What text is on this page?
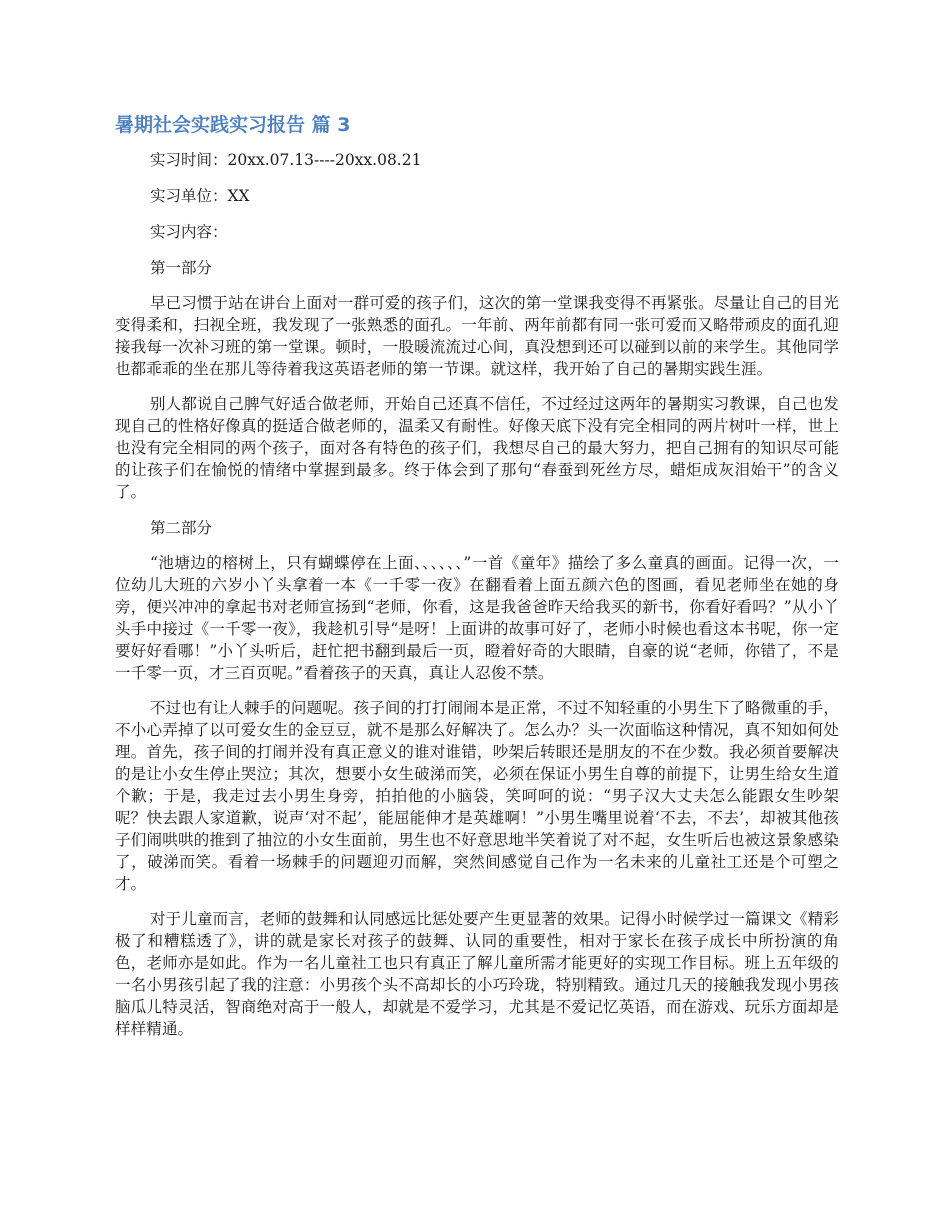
暑期社会实践实习报告 篇 3
实习时间：20xx.07.13----20xx.08.21
实习单位：XX
实习内容：
第一部分

早已习惯于站在讲台上面对一群可爱的孩子们，这次的第一堂课我变得不再紧张。尽量让自己的目光变得柔和，扫视全班，我发现了一张熟悉的面孔。一年前、两年前都有同一张可爱而又略带顽皮的面孔迎接我每一次补习班的第一堂课。顿时，一股暖流流过心间，真没想到还可以碰到以前的来学生。其他同学也都乖乖的坐在那儿等待着我这英语老师的第一节课。就这样，我开始了自己的暑期实践生涯。

别人都说自己脾气好适合做老师，开始自己还真不信任，不过经过这两年的暑期实习教课，自己也发现自己的性格好像真的挺适合做老师的，温柔又有耐性。好像天底下没有完全相同的两片树叶一样，世上也没有完全相同的两个孩子，面对各有特色的孩子们，我想尽自己的最大努力，把自己拥有的知识尽可能的让孩子们在愉悦的情绪中掌握到最多。终于体会到了那句“春蚕到死丝方尽，蜡炬成灰泪始干”的含义了。

第二部分

“池塘边的榕树上，只有蝴蝶停在上面、、、、、、”一首《童年》描绘了多么童真的画面。记得一次，一位幼儿大班的六岁小丫头拿着一本《一千零一夜》在翻看着上面五颜六色的图画，看见老师坐在她的身旁，便兴冲冲的拿起书对老师宣扬到“老师，你看，这是我爸爸昨天给我买的新书，你看好看吗？”从小丫头手中接过《一千零一夜》，我趁机引导“是呀！上面讲的故事可好了，老师小时候也看这本书呢，你一定要好好看哪！”小丫头听后，赶忙把书翻到最后一页，瞪着好奇的大眼睛，自豪的说“老师，你错了，不是一千零一页，才三百页呢。”看着孩子的天真，真让人忍俊不禁。

不过也有让人棘手的问题呢。孩子间的打打闹闹本是正常，不过不知轻重的小男生下了略微重的手，不小心弄掉了以可爱女生的金豆豆，就不是那么好解决了。怎么办？头一次面临这种情况，真不知如何处理。首先，孩子间的打闹并没有真正意义的谁对谁错，吵架后转眼还是朋友的不在少数。我必须首要解决的是让小女生停止哭泣；其次，想要小女生破涕而笑，必须在保证小男生自尊的前提下，让男生给女生道个歉；于是，我走过去小男生身旁，拍拍他的小脑袋，笑呵呵的说：“男子汉大丈夫怎么能跟女生吵架呢？快去跟人家道歉，说声‘对不起’，能屈能伸才是英雄啊！”小男生嘴里说着‘不去，不去’，却被其他孩子们闹哄哄的推到了抽泣的小女生面前，男生也不好意思地半笑着说了对不起，女生听后也被这景象感染了，破涕而笑。看着一场棘手的问题迎刃而解，突然间感觉自己作为一名未来的儿童社工还是个可塑之才。

对于儿童而言，老师的鼓舞和认同感远比惩处要产生更显著的效果。记得小时候学过一篇课文《精彩极了和糟糕透了》，讲的就是家长对孩子的鼓舞、认同的重要性，相对于家长在孩子成长中所扮演的角色，老师亦是如此。作为一名儿童社工也只有真正了解儿童所需才能更好的实现工作目标。班上五年级的一名小男孩引起了我的注意：小男孩个头不高却长的小巧玲珑，特别精致。通过几天的接触我发现小男孩脑瓜儿特灵活，智商绝对高于一般人，却就是不爱学习，尤其是不爱记忆英语，而在游戏、玩乐方面却是样样精通。
